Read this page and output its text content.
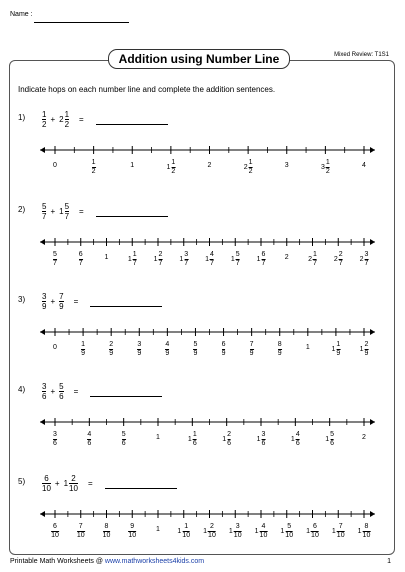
Name :
Addition using Number Line	Mixed Review: T1S1
Indicate hops on each number line and complete the addition sentences.
$1) \frac{1}{2} + 2 \frac{1}{2}$ =
0	$\frac{1}{2}$	1	$1 \frac{1}{2}$	2	$2 \frac{1}{2}$	3	$3 \frac{1}{2}$	4
$2) \frac{5}{7} + 1 \frac{5}{7}$ =
$\frac{5}{7}$	$\frac{6}{7}$	1	$1 \frac{1}{7} 1 \frac{2}{7} 1 \frac{3}{7} 1 \frac{4}{7} 1 \frac{5}{7} 1 \frac{6}{7}$	2	$2 \frac{1}{7} 2 \frac{2}{7} 2 \frac{3}{7}$
$3) \frac{3}{9} + \frac{7}{9}$ =
0	$\frac{1}{9}$	$\frac{2}{9}$	$\frac{3}{9}$	$\frac{4}{9}$	$\frac{5}{9}$	$\frac{6}{9}$	$\frac{7}{9}$	$\frac{8}{9}$	1	$1 \frac{1}{9}$	$1 \frac{2}{9}$
$4) \frac{3}{6} + \frac{5}{6}$ =
$\frac{3}{6}$	$\frac{4}{6}$	$\frac{5}{6}$	1	$1 \frac{1}{6}$	$1 \frac{2}{6}$	$1 \frac{3}{6}$	$1 \frac{4}{6}$	$1 \frac{5}{6}$	2
$5) \frac{6}{10} + 1 \frac{2}{10}$ =
$\frac{6}{10}$	$\frac{7}{10}$	$\frac{8}{10}$	$\frac{9}{10}$	1 $1 \frac{1}{10} 1 \frac{2}{10} 1 \frac{3}{10} 1 \frac{4}{10} 1 \frac{5}{10} 1 \frac{6}{10} 1 \frac{7}{10} 1 \frac{8}{10}$
Printable Math Worksheets @ www.mathworksheets4kids.com	1
